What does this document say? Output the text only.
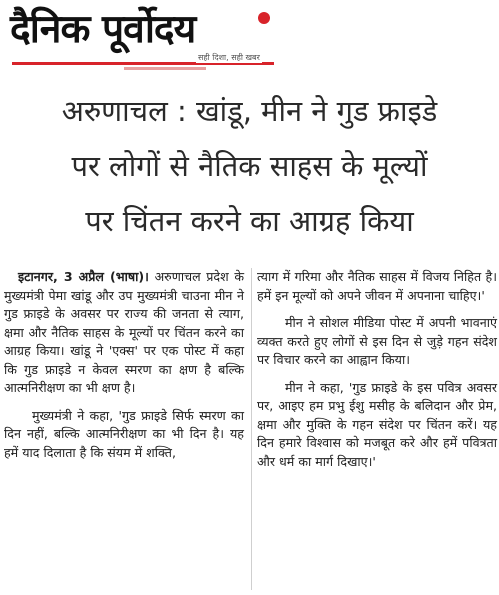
दैनिक पूर्वोदय
सही दिशा, सही खबर
अरुणाचल : खांडू, मीन ने गुड फ्राइडे
पर लोगों से नैतिक साहस के मूल्यों
पर चिंतन करने का आग्रह किया

इटानगर, 3 अप्रैल (भाषा)। अरुणाचल प्रदेश के मुख्यमंत्री पेमा खांडू और उप मुख्यमंत्री चाउना मीन ने गुड फ्राइडे के अवसर पर राज्य की जनता से त्याग, क्षमा और नैतिक साहस के मूल्यों पर चिंतन करने का आग्रह किया। खांडू ने 'एक्स' पर एक पोस्ट में कहा कि गुड फ्राइडे न केवल स्मरण का क्षण है बल्कि आत्मनिरीक्षण का भी क्षण है।

मुख्यमंत्री ने कहा, 'गुड फ्राइडे सिर्फ स्मरण का दिन नहीं, बल्कि आत्मनिरीक्षण का भी दिन है। यह हमें याद दिलाता है कि संयम में शक्ति,

त्याग में गरिमा और नैतिक साहस में विजय निहित है। हमें इन मूल्यों को अपने जीवन में अपनाना चाहिए।'

मीन ने सोशल मीडिया पोस्ट में अपनी भावनाएं व्यक्त करते हुए लोगों से इस दिन से जुड़े गहन संदेश पर विचार करने का आह्वान किया।

मीन ने कहा, 'गुड फ्राइडे के इस पवित्र अवसर पर, आइए हम प्रभु ईशु मसीह के बलिदान और प्रेम, क्षमा और मुक्ति के गहन संदेश पर चिंतन करें। यह दिन हमारे विश्वास को मजबूत करे और हमें पवित्रता और धर्म का मार्ग दिखाए।'
